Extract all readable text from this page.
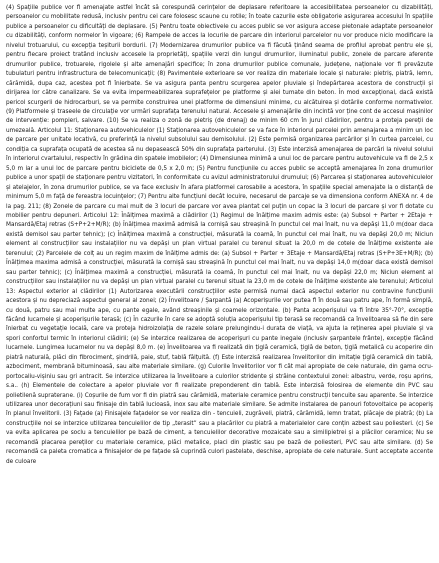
(4) Spațiile publice vor fi amenajate astfel încât să corespundă cerințelor de deplasare referitoare la accesibilitatea persoanelor cu dizabilități, persoanelor cu mobilitate redusă, inclusiv pentru cei care folosesc scaune cu rotile; în toate cazurile este obligatorie asigurarea accesului în spațiile publice a persoanelor cu dificultăți de deplasare. (5) Pentru toate obiectivele cu acces public se vor asigura accese pietonale adaptate persoanelor cu dizabilități, conform normelor în vigoare; (6) Rampele de acces la locurile de parcare din interiorul parcelelor nu vor produce nicio modificare la nivelul trotuarului, cu excepția teșiturii bordurii. (7) Modernizarea drumurilor publice va fi făcută ținând seama de profilul aprobat pentru ele și, pentru fiecare proiect tratând inclusiv accesele la proprietăți, spațiile verzi din lungul drumurilor, iluminatul public, zonele de parcare aferente drumurilor publice, trotuarele, rigolele și alte amenajări specifice; în zona drumurilor publice comunale, județene, naționale vor fi prevăzute tubulaturi pentru infrastructura de telecomunicații; (8) Pavimentele exterioare se vor realiza din materiale locale și naturale: pietriș, piatră, lemn, cărămidă, dupa caz, acestea pot fi înierbate. Se va asigura panta pentru scurgerea apelor pluviale și îndepărtarea acestora de construcții și dirijarea lor către canalizare. Se va evita impermeabilizarea suprafețelor pe platforme și alei tumate din beton. În mod excepțional, dacă există pericol scurgerii de hidrocarburi, se va permite construirea unei platforme de dimensiuni minime, cu alcătuirea și dotările conforme normativelor. (9) Platformele și traseele de circulație vor urmări suprafața terenului natural. Accesele și amenajările din incintă vor ține cont de accesul mașinilor de intervenție: pompieri, salvare. (10) Se va realiza o zonă de pietriș (de drenaj) de minim 60 cm în jurul clădirilor, pentru a proteja pereții de umezeală. Articolul 11: Staționarea autovehiculelor (1) Staționarea autovehiculelor se va face în interiorul parcelei prin amenajarea a minim un loc de parcare per unitate locativă, cu preferință la nivelul subsolului sau demisolului. (2) Este permisă organizarea parcărilor și în curtea parcelei, cu condiția ca suprafața ocupată de acestea să nu depasească 50% din suprafața parterului. (3) Este interzisă amenajarea de parcări la nivelul solului în interiorul cvartalului, respectiv în grădina din spatele imobilelor; (4) Dimensiunea minimă a unui loc de parcare pentru autovehicule va fi de 2,5 x 5,0 m iar a unui loc de parcare pentru biciclete de 0,5 x 2,0 m; (5) Pentru funcțiunile cu acces public se acceptă amenajarea în zona drumurilor publice a unor spații de staționare pentru vizitatori, în conformitate cu avizul administratorului drumului; (6) Parcarea și staționarea autovehiculelor și atelajelor, în zona drumurilor publice, se va face exclusiv în afara platformei carosabile a acestora, în spațiile special amenajate la o distanță de minimum 5,0 m față de fereastra locuințelor; (7) Pentru alte funcțiuni decât locuire, necesarul de parcaje se va dimensiona conform ANEXA nr. 4 de la pag. 211; (8) Zonele de parcare cu mai mult de 3 locuri de parcare vor avea plantat cel puțin un copac la 3 locuri de parcare și vor fi dotate cu mobilier pentru depuneri. Articolul 12: Înălțimea maximă a clădirilor (1) Regimul de înălțime maxim admis este: (a) Subsol + Parter + 2Etaje + Mansardă/Etaj retras (S+P+2+M/R); (b) Înălțimea maximă admisă la cornișă sau streașină în punctul cel mai înalt, nu va depăși 11,0 m(doar daca există demisol sau parter tehnic); (c) Înălțimea maximă a construcției, măsurată la coamă, în punctul cel mai înalt, nu va depăși 20,0 m; Niciun element al construcțiilor sau instalațiilor nu va depăși un plan virtual paralel cu terenul situat la 20,0 m de cotele de înălțime existente ale terenului; (2) Parcelele de colț au un regim maxim de înălțime admis de: (a) Subsol + Parter + 3Etaje + Mansardă/Etaj retras (S+P+3E+M/R); (b) Înălțimea maxima admisă a construcției, măsurată la cornișă sau streașină în punctul cel mai înalt, nu va depăși 14,0 m(doar daca există demisol sau parter tehnic); (c) Înălțimea maximă a construcției, măsurată la coamă, în punctul cel mai înalt, nu va depăși 22,0 m; Niciun element al construcțiilor sau instalațiilor nu va depăși un plan virtual paralel cu terenul situat la 23,0 m de cotele de înălțime existente ale terenului; Articolul 13: Aspectul exterior al clădirilor (1) Autorizarea executării construcțiilor este permisă numai dacă aspectul exterior nu contravine funcțiunii acestora și nu depreciază aspectul general al zonei; (2) Învelitoare / Șarpantă (a) Acoperișurile vor putea fi în două sau patru ape, în formă simplă, cu două, patru sau mai multe ape, cu pante egale, având streașinile și coamele orizontale. (b) Panta acoperișului va fi între 35°-70°, excepție făcând lucarnele și acoperișurile terasă; (c) În cazurile în care se adoptă soluția acoperișului tip terasă se recomandă ca învelitoarea să fie din sere înierbat cu vegetație locală, care va proteja hidroizolația de razele solare prelungindu-i durata de viață, va ajuta la reținerea apei pluviale și va spori confortul termic în interiorul clădirii; (e) Se interzice realizarea de acoperișuri cu pante inegale (inclusiv șarpantele frânte), excepție făcând lucarnele. Lungimea lucarnelor nu va depăși 8,0 m. (e) Învelitoarea va fi realizată din țiglă ceramică, țiglă de beton, țiglă metalică cu acoperire din piatră naturală, plăci din fibrociment, șindrilă, paie, stuf, tablă fălțuită. (f) Este interzisă realizarea învelitorilor din imitație țiglă ceramică din tablă, azbociment, membrană bituminoasă, sau alte materiale similare. (g) Culorile învelitorilor vor fi cât mai apropiate de cele naturale, din gama ocru-portocaliu-vișiniu sau gri antracit. Se interzice utilizarea la învelitoare a culorilor stridente și străine contextului zonei: albastru, verde, roșu aprins, s.a.. (h) Elementele de colectare a apelor pluviale vor fi realizate preponderent din tablă. Este interzisă folosirea de elemente din PVC sau polietilenă supraterane. (i) Coșurile de fum vor fi din piatră sau cărămidă, materiale ceramice pentru construcții tencuite sau aparente. Se interzice utilizarea unor decorațiuni sau finisaje din tablă lucioasă, inox sau alte materiale similare. Se admite instalarea de panouri fotovoltaice pe acoperiș în planul învelitorii. (3) Fațade (a) Finisajele fațadelor se vor realiza din - tencuieli, zugrăveli, piatră, cărămidă, lemn tratat, plăcaje de piatră; (b) La construcțiile noi se interzice utilizarea tencuielilor de tip „terasit” sau a placărilor cu piatră a materialelor care conțin azbest sau poliesteri. (c) Se va evita aplicarea pe soclu a tencuielilor pe bază de ciment, a tencuielilor decorative mozaicate sau a similipietrei și a plăcilor ceramice; Nu se recomandă placarea pereților cu materiale ceramice, plăci metalice, placi din plastic sau pe bază de poliesteri, PVC sau alte similare. (d) Se recomandă ca paleta cromatica a finisajelor de pe fațade să cuprindă culori pastelate, deschise, apropiate de cele naturale. Sunt acceptate accente de culoare
